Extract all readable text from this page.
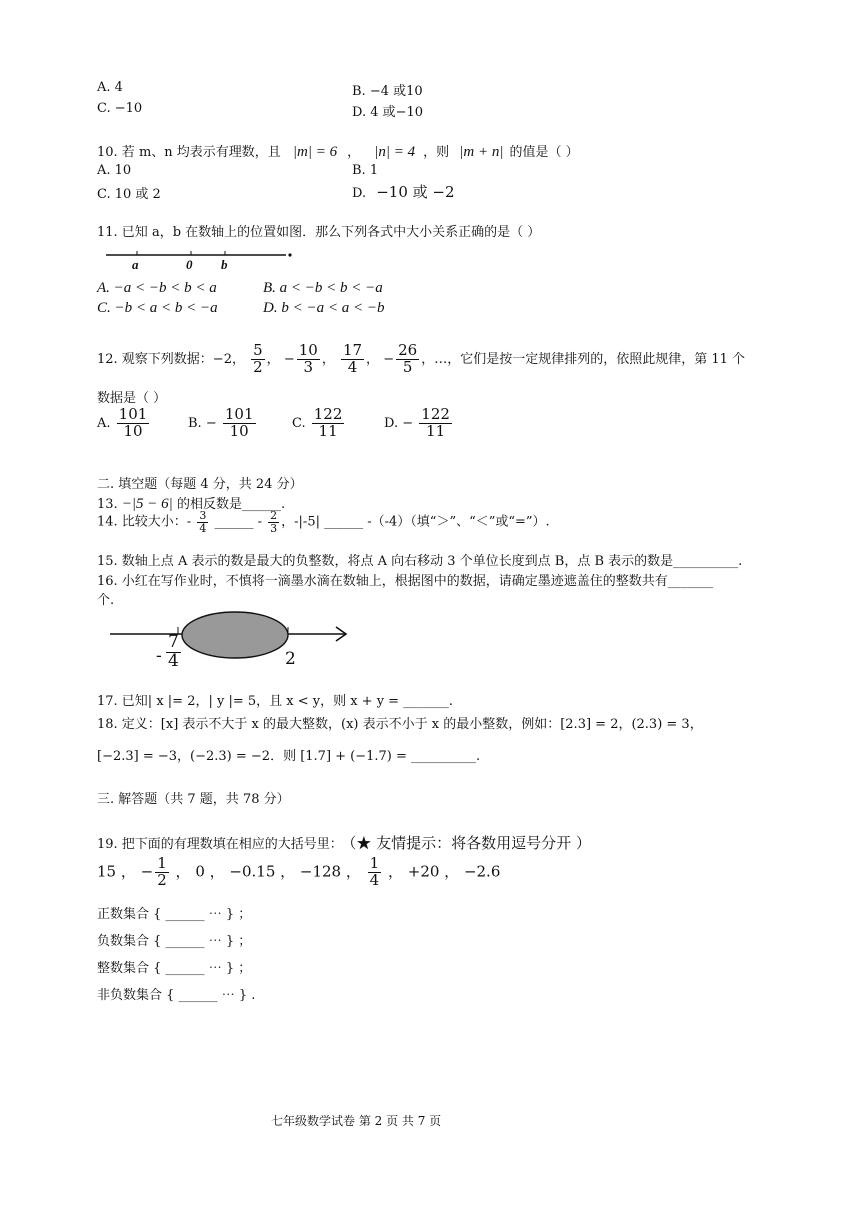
A. 4	B. −4 或10
C. −10	D. 4 或−10
10. 若 m、n 均表示有理数，且 |m| = 6 ， |n| = 4 ，则 |m + n| 的值是（ ）
A. 10	B. 1
C. 10 或 2	D. −10 或 −2
11. 已知 a，b 在数轴上的位置如图．那么下列各式中大小关系正确的是（ ）
a	0 b
A. −a < −b < b < a	B. a < −b < b < −a
C. −b < a < b < −a	D. b < −a < a < −b
12. 观察下列数据：−2， $\frac{5}{2}$ ， − $\frac{10}{3}$ ， $\frac{17}{4}$ ， − $\frac{26}{5}$ ，…，它们是按一定规律排列的，依照此规律，第 11 个
数据是（ ）
A. $\frac{101}{10}$	B. − $\frac{101}{10}$	C. $\frac{122}{11}$	D. − $\frac{122}{11}$
二. 填空题（每题 4 分，共 24 分）
13. −|5 − 6| 的相反数是______.
14. 比较大小：- $\frac{3}{4}$ ______ - $\frac{2}{3}$ ，-|-5| ______ -（-4）（填“＞”、“＜”或“=”）.
15. 数轴上点 A 表示的数是最大的负整数，将点 A 向右移动 3 个单位长度到点 B，点 B 表示的数是__________.
16. 小红在写作业时，不慎将一滴墨水滴在数轴上，根据图中的数据，请确定墨迹遮盖住的整数共有_______
个.
- $\frac{7}{4}$	2
17. 已知| x |= 2，| y |= 5，且 x < y，则 x + y = _______.
18. 定义：[x] 表示不大于 x 的最大整数，(x) 表示不小于 x 的最小整数，例如：[2.3] = 2，(2.3) = 3，
[−2.3] = −3，(−2.3) = −2．则 [1.7] + (−1.7) = __________.
三. 解答题（共 7 题，共 78 分）
19. 把下面的有理数填在相应的大括号里： （★ 友情提示：将各数用逗号分开 ）
15 ， − $\frac{1}{2}$ ， 0 ， −0.15 ， −128 ， $\frac{1}{4}$ ， +20 ， −2.6
正数集合 { ______ ⋯ } ；
负数集合 { ______ ⋯ } ；
整数集合 { ______ ⋯ } ；
非负数集合 { ______ ⋯ } .
七年级数学试卷 第 2 页 共 7 页
